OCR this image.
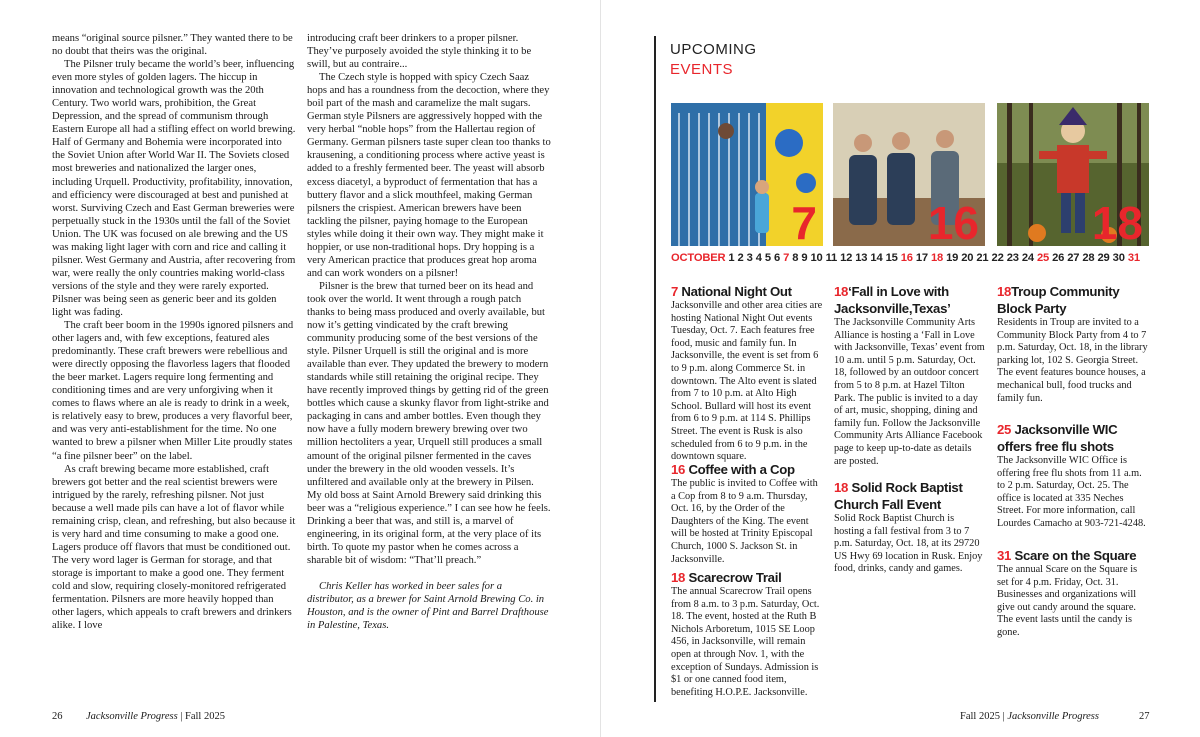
means “original source pilsner.” They wanted there to be no doubt that theirs was the original.

The Pilsner truly became the world’s beer, influencing even more styles of golden lagers. The hiccup in innovation and technological growth was the 20th Century. Two world wars, prohibition, the Great Depression, and the spread of communism through Eastern Europe all had a stifling effect on world brewing. Half of Germany and Bohemia were incorporated into the Soviet Union after World War II. The Soviets closed most breweries and nationalized the larger ones, including Urquell. Productivity, profitability, innovation, and efficiency were discouraged at best and punished at worst. Surviving Czech and East German breweries were perpetually stuck in the 1930s until the fall of the Soviet Union. The UK was focused on ale brewing and the US was making light lager with corn and rice and calling it pilsner. West Germany and Austria, after recovering from war, were really the only countries making world-class versions of the style and they were rarely exported. Pilsner was being seen as generic beer and its golden light was fading.

The craft beer boom in the 1990s ignored pilsners and other lagers and, with few exceptions, featured ales predominantly. These craft brewers were rebellious and were directly opposing the flavorless lagers that flooded the beer market. Lagers require long fermenting and conditioning times and are very unforgiving when it comes to flaws where an ale is ready to drink in a week, is relatively easy to brew, produces a very flavorful beer, and was very anti-establishment for the time. No one wanted to brew a pilsner when Miller Lite proudly states “a fine pilsner beer” on the label.

As craft brewing became more established, craft brewers got better and the real scientist brewers were intrigued by the rarely, refreshing pilsner. Not just because a well made pils can have a lot of flavor while remaining crisp, clean, and refreshing, but also because it is very hard and time consuming to make a good one. Lagers produce off flavors that must be conditioned out. The very word lager is German for storage, and that storage is important to make a good one. They ferment cold and slow, requiring closely-monitored refrigerated fermentation. Pilsners are more heavily hopped than other lagers, which appeals to craft brewers and drinkers alike. I love

introducing craft beer drinkers to a proper pilsner. They’ve purposely avoided the style thinking it to be swill, but au contraire...

The Czech style is hopped with spicy Czech Saaz hops and has a roundness from the decoction, where they boil part of the mash and caramelize the malt sugars. German style Pilsners are aggressively hopped with the very herbal “noble hops” from the Hallertau region of Germany. German pilsners taste super clean too thanks to krausening, a conditioning process where active yeast is added to a freshly fermented beer. The yeast will absorb excess diacetyl, a byproduct of fermentation that has a buttery flavor and a slick mouthfeel, making German pilsners the crispiest. American brewers have been tackling the pilsner, paying homage to the European styles while doing it their own way. They might make it hoppier, or use non-traditional hops. Dry hopping is a very American practice that produces great hop aroma and can work wonders on a pilsner!

Pilsner is the brew that turned beer on its head and took over the world. It went through a rough patch thanks to being mass produced and overly available, but now it’s getting vindicated by the craft brewing community producing some of the best versions of the style. Pilsner Urquell is still the original and is more available than ever. They updated the brewery to modern standards while still retaining the original recipe. They have recently improved things by getting rid of the green bottles which cause a skunky flavor from light-strike and packaging in cans and amber bottles. Even though they now have a fully modern brewery brewing over two million hectoliters a year, Urquell still produces a small amount of the original pilsner fermented in the caves under the brewery in the old wooden vessels. It’s unfiltered and available only at the brewery in Pilsen. My old boss at Saint Arnold Brewery said drinking this beer was a “religious experience.” I can see how he feels. Drinking a beer that was, and still is, a marvel of engineering, in its original form, at the very place of its birth. To quote my pastor when he comes across a sharable bit of wisdom: “That’ll preach.”

Chris Keller has worked in beer sales for a distributor, as a brewer for Saint Arnold Brewing Co. in Houston, and is the owner of Pint and Barrel Drafthouse in Palestine, Texas.

26 Jacksonville Progress | Fall 2025
UPCOMING
EVENTS
7 16 18
OCTOBER 1 2 3 4 5 6 7 8 9 10 11 12 13 14 15 16 17 18 19 20 21 22 23 24 25 26 27 28 29 30 31
7 National Night Out
Jacksonville and other area cities are hosting National Night Out events Tuesday, Oct. 7. Each features free food, music and family fun. In Jacksonville, the event is set from 6 to 9 p.m. along Commerce St. in downtown. The Alto event is slated from 7 to 10 p.m. at Alto High School. Bullard will host its event from 6 to 9 p.m. at 114 S. Phillips Street. The event is Rusk is also scheduled from 6 to 9 p.m. in the downtown square.
16 Coffee with a Cop
The public is invited to Coffee with a Cop from 8 to 9 a.m. Thursday, Oct. 16, by the Order of the Daughters of the King. The event will be hosted at Trinity Episcopal Church, 1000 S. Jackson St. in Jacksonville.
18 Scarecrow Trail
The annual Scarecrow Trail opens from 8 a.m. to 3 p.m. Saturday, Oct. 18. The event, hosted at the Ruth B Nichols Arboretum, 1015 SE Loop 456, in Jacksonville, will remain open at through Nov. 1, with the exception of Sundays. Admission is $1 or one canned food item, benefiting H.O.P.E. Jacksonville.
18‘Fall in Love with Jacksonville,Texas’
The Jacksonville Community Arts Alliance is hosting a ‘Fall in Love with Jacksonville, Texas’ event from 10 a.m. until 5 p.m. Saturday, Oct. 18, followed by an outdoor concert from 5 to 8 p.m. at Hazel Tilton Park. The public is invited to a day of art, music, shopping, dining and family fun. Follow the Jacksonville Community Arts Alliance Facebook page to keep up-to-date as details are posted.
18 Solid Rock Baptist Church Fall Event
Solid Rock Baptist Church is hosting a fall festival from 3 to 7 p.m. Saturday, Oct. 18, at its 29720 US Hwy 69 location in Rusk. Enjoy food, drinks, candy and games.
18Troup Community Block Party
Residents in Troup are invited to a Community Block Party from 4 to 7 p.m. Saturday, Oct. 18, in the library parking lot, 102 S. Georgia Street. The event features bounce houses, a mechanical bull, food trucks and family fun.
25 Jacksonville WIC offers free flu shots
The Jacksonville WIC Office is offering free flu shots from 11 a.m. to 2 p.m. Saturday, Oct. 25. The office is located at 335 Neches Street. For more information, call Lourdes Camacho at 903-721-4248.
31 Scare on the Square
The annual Scare on the Square is set for 4 p.m. Friday, Oct. 31. Businesses and organizations will give out candy around the square. The event lasts until the candy is gone.
Fall 2025 | Jacksonville Progress	27
